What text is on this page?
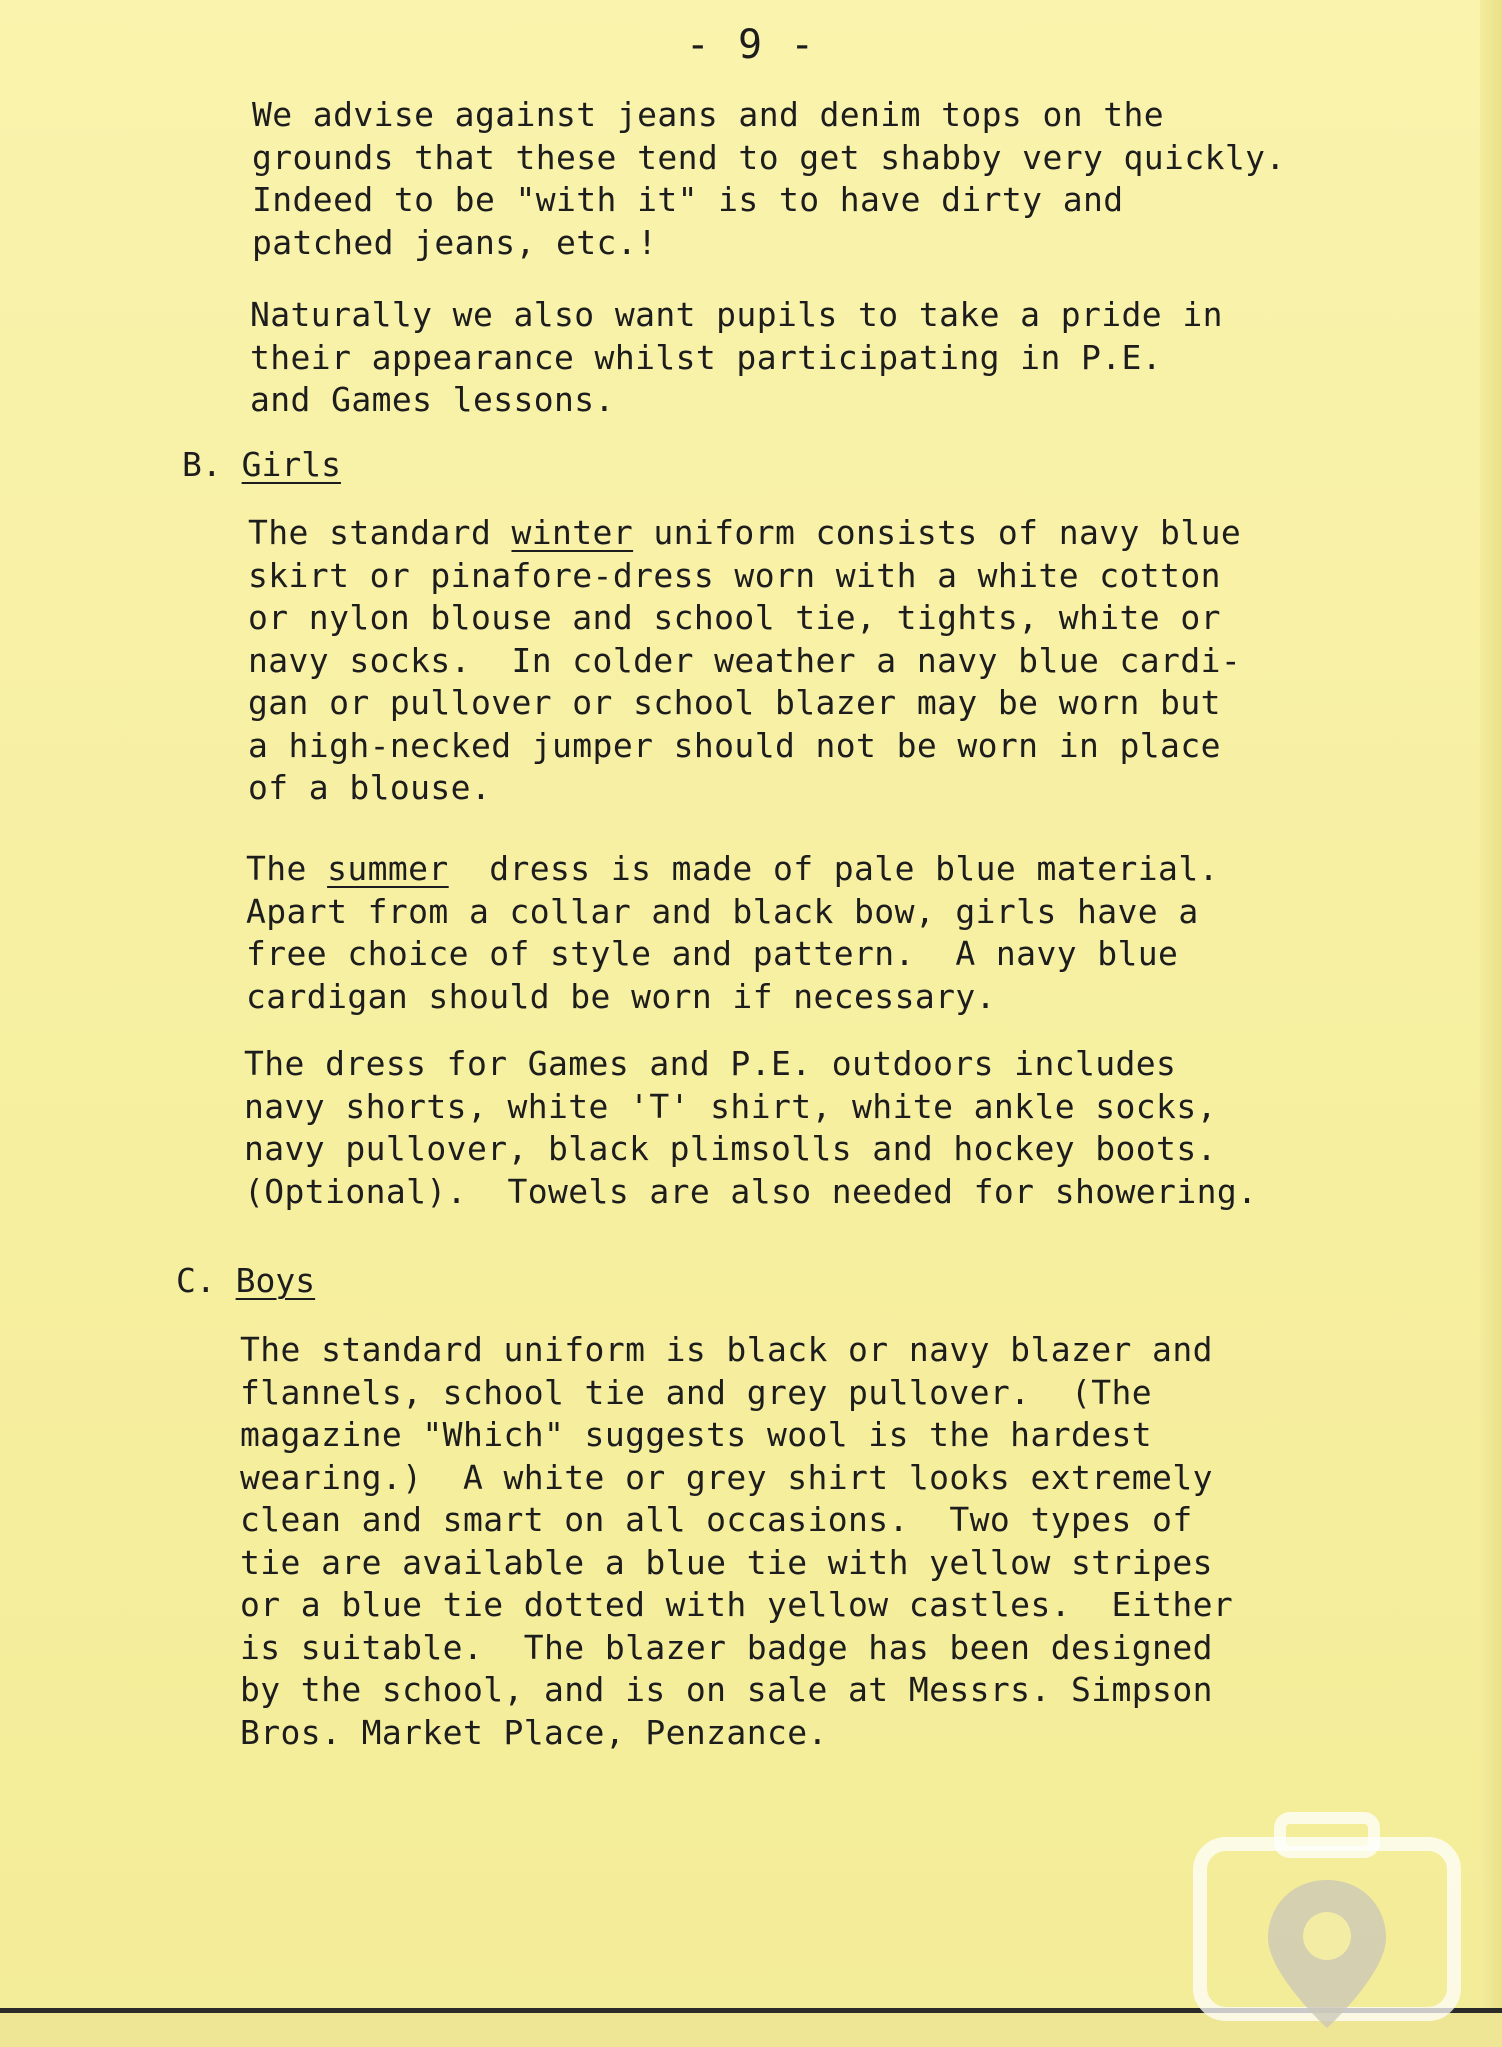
- 9 -
We advise against jeans and denim tops on the
grounds that these tend to get shabby very quickly.
Indeed to be "with it" is to have dirty and
patched jeans, etc.!
Naturally we also want pupils to take a pride in
their appearance whilst participating in P.E.
and Games lessons.
B. Girls
The standard winter uniform consists of navy blue
skirt or pinafore-dress worn with a white cotton
or nylon blouse and school tie, tights, white or
navy socks.  In colder weather a navy blue cardi-
gan or pullover or school blazer may be worn but
a high-necked jumper should not be worn in place
of a blouse.
The summer  dress is made of pale blue material.
Apart from a collar and black bow, girls have a
free choice of style and pattern.  A navy blue
cardigan should be worn if necessary.
The dress for Games and P.E. outdoors includes
navy shorts, white 'T' shirt, white ankle socks,
navy pullover, black plimsolls and hockey boots.
(Optional).  Towels are also needed for showering.
C. Boys
The standard uniform is black or navy blazer and
flannels, school tie and grey pullover.  (The
magazine "Which" suggests wool is the hardest
wearing.)  A white or grey shirt looks extremely
clean and smart on all occasions.  Two types of
tie are available a blue tie with yellow stripes
or a blue tie dotted with yellow castles.  Either
is suitable.  The blazer badge has been designed
by the school, and is on sale at Messrs. Simpson
Bros. Market Place, Penzance.
